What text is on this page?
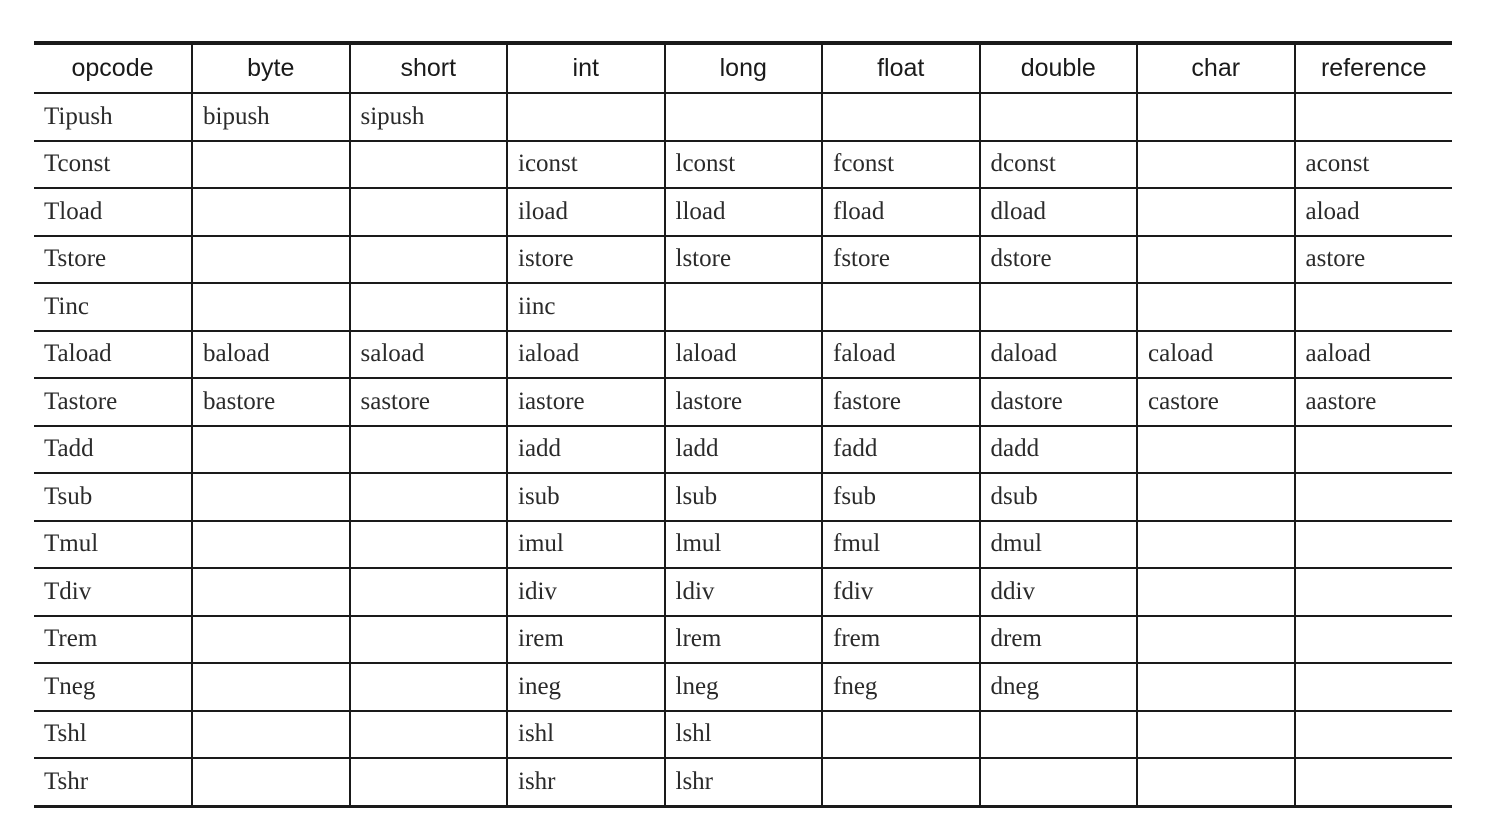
opcode	byte	short	int	long	float	double	char	reference
Tipush	bipush	sipush						
Tconst			iconst	lconst	fconst	dconst		aconst
Tload			iload	lload	fload	dload		aload
Tstore			istore	lstore	fstore	dstore		astore
Tinc			iinc					
Taload	baload	saload	iaload	laload	faload	daload	caload	aaload
Tastore	bastore	sastore	iastore	lastore	fastore	dastore	castore	aastore
Tadd			iadd	ladd	fadd	dadd		
Tsub			isub	lsub	fsub	dsub		
Tmul			imul	lmul	fmul	dmul		
Tdiv			idiv	ldiv	fdiv	ddiv		
Trem			irem	lrem	frem	drem		
Tneg			ineg	lneg	fneg	dneg		
Tshl			ishl	lshl				
Tshr			ishr	lshr				
